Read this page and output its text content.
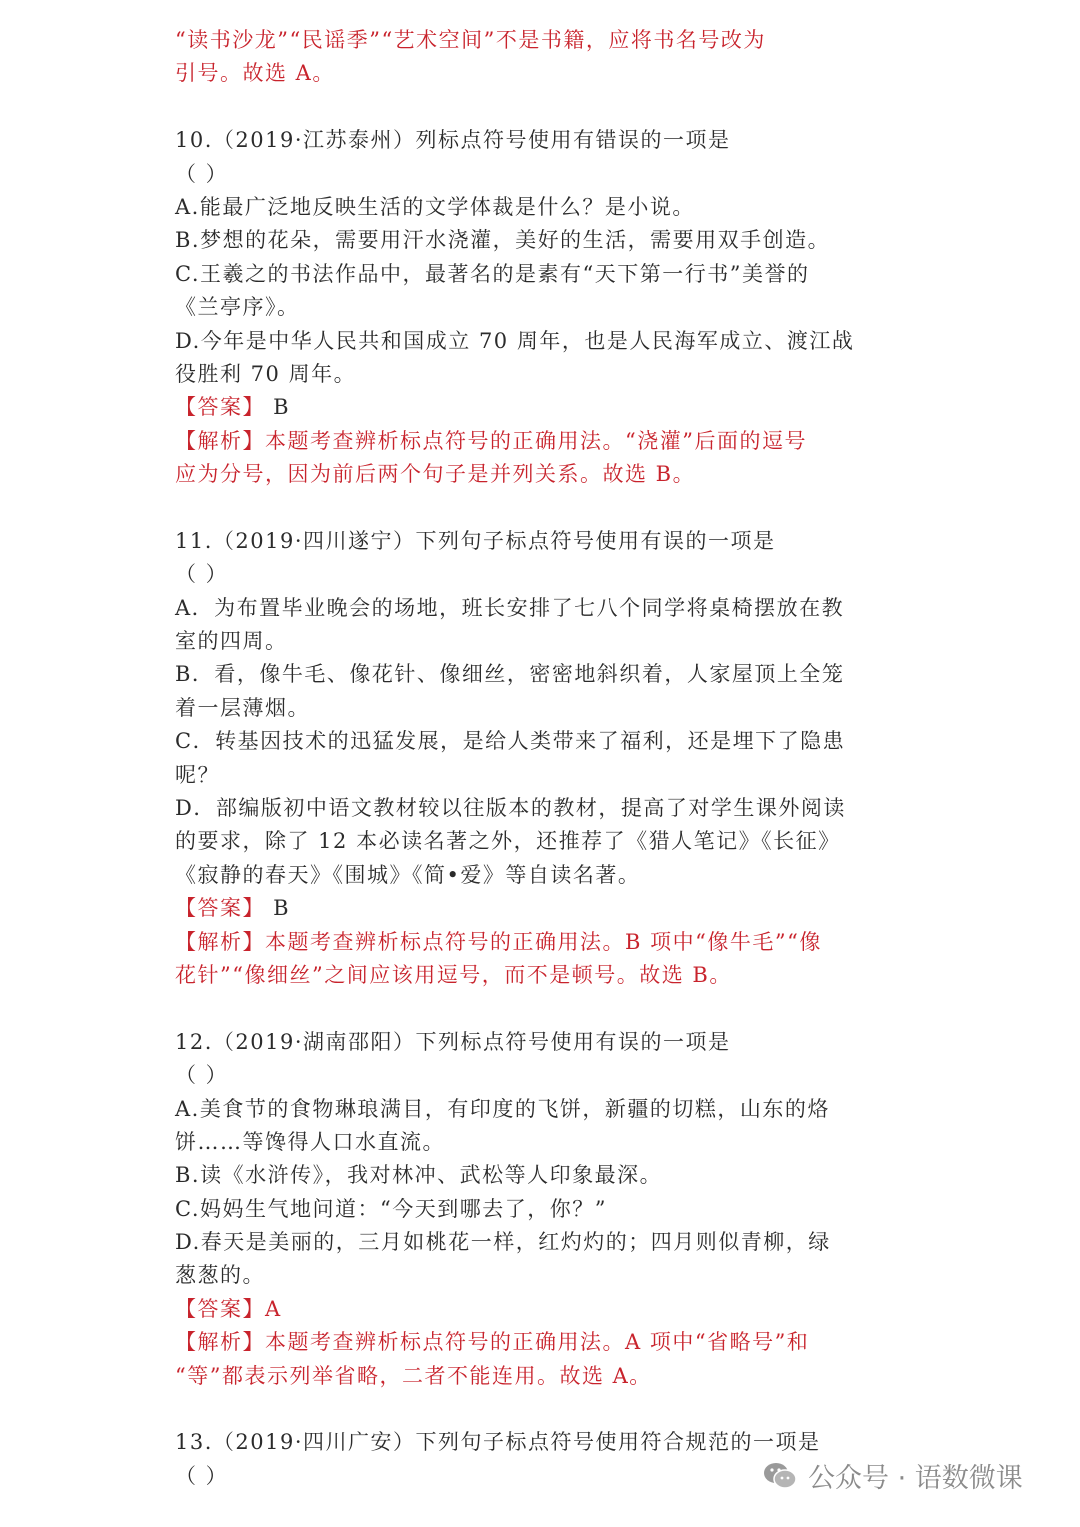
“读书沙龙”“民谣季”“艺术空间”不是书籍，应将书名号改为
引号。故选 A。
10.（2019·江苏泰州）列标点符号使用有错误的一项是
（ ）
A.能最广泛地反映生活的文学体裁是什么？是小说。
B.梦想的花朵，需要用汗水浇灌，美好的生活，需要用双手创造。
C.王羲之的书法作品中，最著名的是素有“天下第一行书”美誉的
《兰亭序》。
D.今年是中华人民共和国成立 70 周年，也是人民海军成立、渡江战
役胜利 70 周年。
【答案】 B
【解析】本题考查辨析标点符号的正确用法。“浇灌”后面的逗号
应为分号，因为前后两个句子是并列关系。故选 B。
11.（2019·四川遂宁）下列句子标点符号使用有误的一项是
（ ）
A．为布置毕业晚会的场地，班长安排了七八个同学将桌椅摆放在教
室的四周。
B．看，像牛毛、像花针、像细丝，密密地斜织着，人家屋顶上全笼
着一层薄烟。
C．转基因技术的迅猛发展，是给人类带来了福利，还是埋下了隐患
呢？
D．部编版初中语文教材较以往版本的教材，提高了对学生课外阅读
的要求，除了 12 本必读名著之外，还推荐了《猎人笔记》《长征》
《寂静的春天》《围城》《简•爱》等自读名著。
【答案】 B
【解析】本题考查辨析标点符号的正确用法。B 项中“像牛毛”“像
花针”“像细丝”之间应该用逗号，而不是顿号。故选 B。
12.（2019·湖南邵阳）下列标点符号使用有误的一项是
（ ）
A.美食节的食物琳琅满目，有印度的飞饼，新疆的切糕，山东的烙
饼……等馋得人口水直流。
B.读《水浒传》，我对林冲、武松等人印象最深。
C.妈妈生气地问道：“今天到哪去了，你？”
D.春天是美丽的，三月如桃花一样，红灼灼的；四月则似青柳，绿
葱葱的。
【答案】A
【解析】本题考查辨析标点符号的正确用法。A 项中“省略号”和
“等”都表示列举省略，二者不能连用。故选 A。
13.（2019·四川广安）下列句子标点符号使用符合规范的一项是
（ ）	公众号 · 语数微课
